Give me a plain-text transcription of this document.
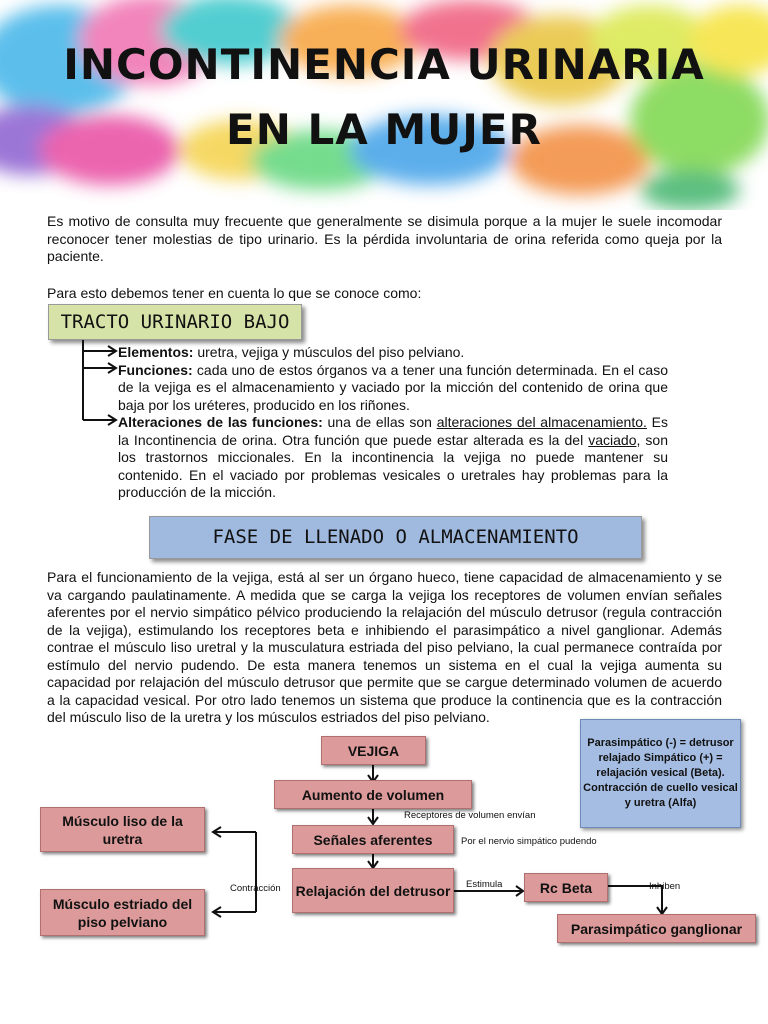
INCONTINENCIA URINARIA
EN LA MUJER
Es motivo de consulta muy frecuente que generalmente se disimula porque a la mujer le suele incomodar reconocer tener molestias de tipo urinario. Es la pérdida involuntaria de orina referida como queja por la paciente.
Para esto debemos tener en cuenta lo que se conoce como:
TRACTO URINARIO BAJO

Elementos: uretra, vejiga y músculos del piso pelviano.

Funciones: cada uno de estos órganos va a tener una función determinada. En el caso de la vejiga es el almacenamiento y vaciado por la micción del contenido de orina que baja por los uréteres, producido en los riñones.

Alteraciones de las funciones: una de ellas son alteraciones del almacenamiento. Es la Incontinencia de orina. Otra función que puede estar alterada es la del vaciado, son los trastornos miccionales. En la incontinencia la vejiga no puede mantener su contenido. En el vaciado por problemas vesicales o uretrales hay problemas para la producción de la micción.

FASE DE LLENADO O ALMACENAMIENTO
Para el funcionamiento de la vejiga, está al ser un órgano hueco, tiene capacidad de almacenamiento y se va cargando paulatinamente. A medida que se carga la vejiga los receptores de volumen envían señales aferentes por el nervio simpático pélvico produciendo la relajación del músculo detrusor (regula contracción de la vejiga), estimulando los receptores beta e inhibiendo el parasimpático a nivel ganglionar. Además contrae el músculo liso uretral y la musculatura estriada del piso pelviano, la cual permanece contraída por estímulo del nervio pudendo. De esta manera tenemos un sistema en el cual la vejiga aumenta su capacidad por relajación del músculo detrusor que permite que se cargue determinado volumen de acuerdo a la capacidad vesical. Por otro lado tenemos un sistema que produce la continencia que es la contracción del músculo liso de la uretra y los músculos estriados del piso pelviano.
VEJIGA
Aumento de volumen
Receptores de volumen envían
Señales aferentes	Por el nervio simpático pudendo
Relajación del detrusor	Estimula	Rc Beta	Inhiben
Parasimpático ganglionar
Contracción
Músculo liso de la uretra
Músculo estriado del piso pelviano
Parasimpático (-) = detrusor relajado Simpático (+) = relajación vesical (Beta). Contracción de cuello vesical y uretra (Alfa)
